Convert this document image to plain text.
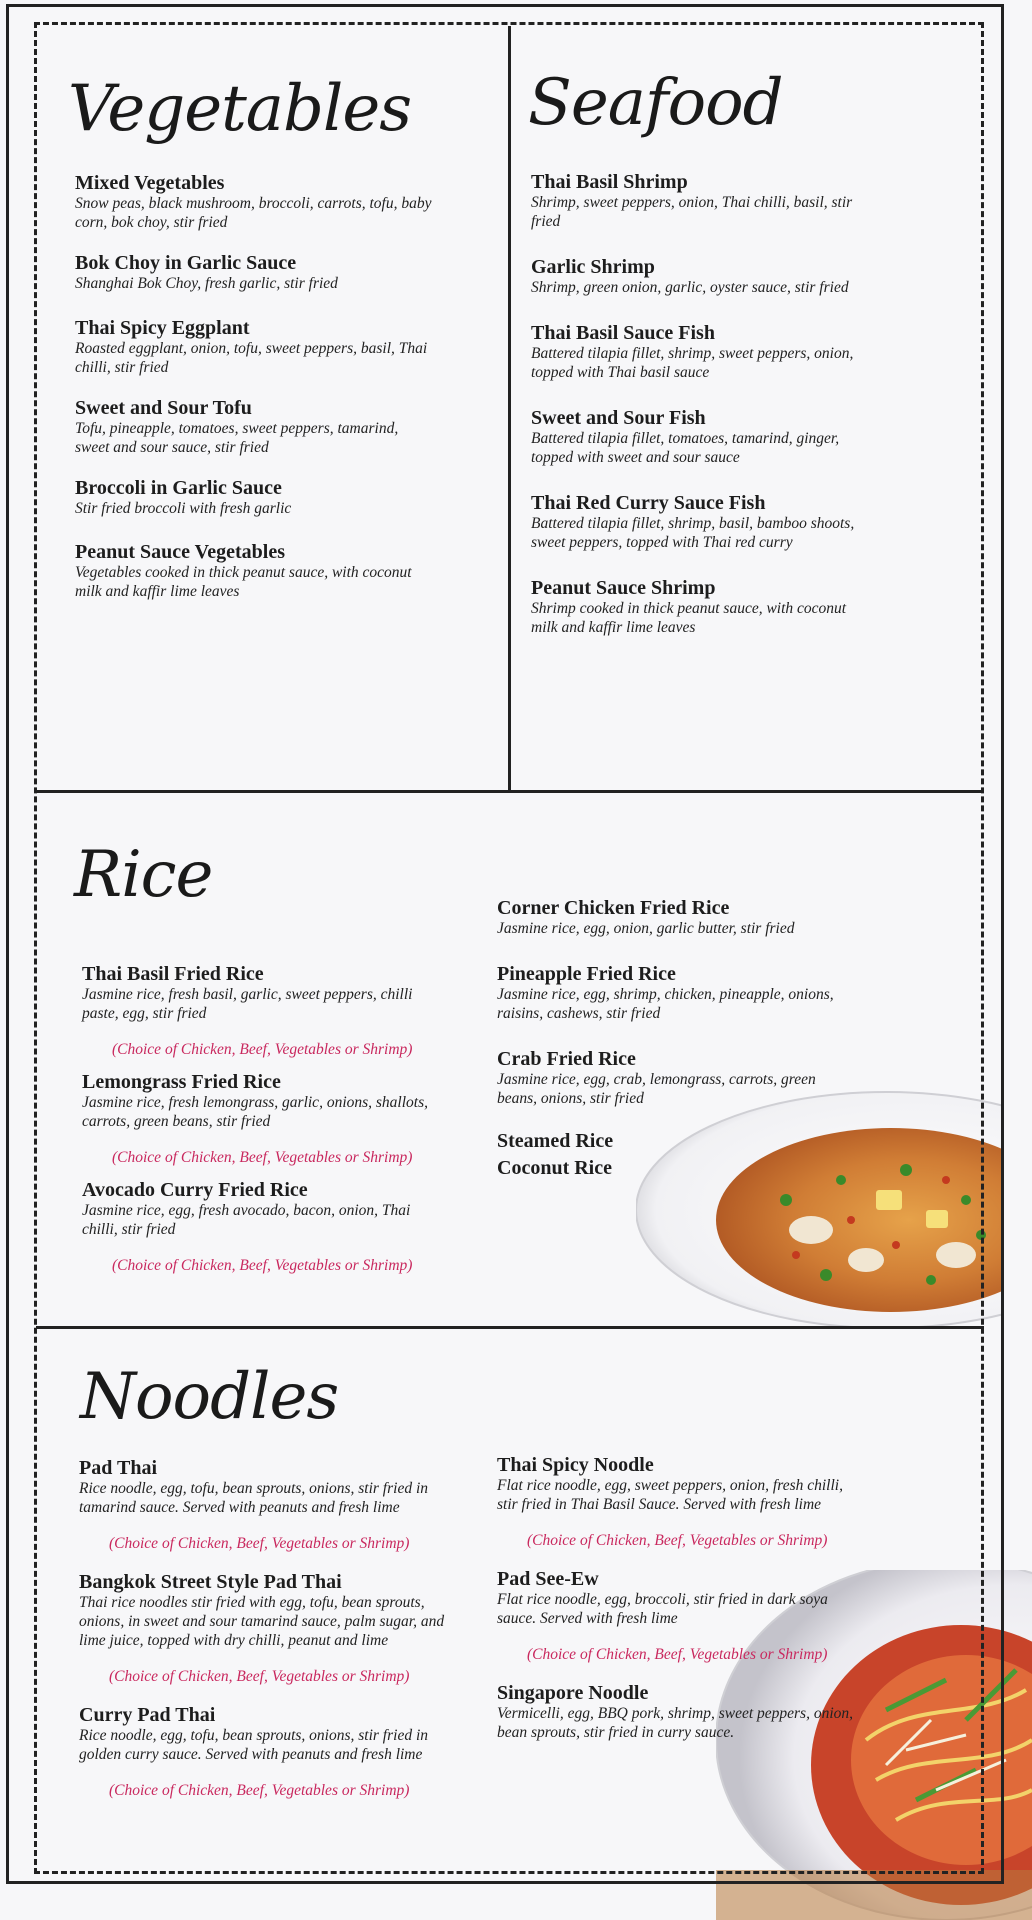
Vegetables
Mixed Vegetables
Snow peas, black mushroom, broccoli, carrots, tofu, baby corn, bok choy, stir fried
Bok Choy in Garlic Sauce
Shanghai Bok Choy, fresh garlic, stir fried
Thai Spicy Eggplant
Roasted eggplant, onion, tofu, sweet peppers, basil, Thai chilli, stir fried
Sweet and Sour Tofu
Tofu, pineapple, tomatoes, sweet peppers, tamarind, sweet and sour sauce, stir fried
Broccoli in Garlic Sauce
Stir fried broccoli with fresh garlic
Peanut Sauce Vegetables
Vegetables cooked in thick peanut sauce, with coconut milk and kaffir lime leaves
Seafood
Thai Basil Shrimp
Shrimp, sweet peppers, onion, Thai chilli, basil, stir fried
Garlic Shrimp
Shrimp, green onion, garlic, oyster sauce, stir fried
Thai Basil Sauce Fish
Battered tilapia fillet, shrimp, sweet peppers, onion, topped with Thai basil sauce
Sweet and Sour Fish
Battered tilapia fillet, tomatoes, tamarind, ginger, topped with sweet and sour sauce
Thai Red Curry Sauce Fish
Battered tilapia fillet, shrimp, basil, bamboo shoots, sweet peppers, topped with Thai red curry
Peanut Sauce Shrimp
Shrimp cooked in thick peanut sauce, with coconut milk and kaffir lime leaves
Rice
Thai Basil Fried Rice
Jasmine rice, fresh basil, garlic, sweet peppers, chilli paste, egg, stir fried
(Choice of Chicken, Beef, Vegetables or Shrimp)
Lemongrass Fried Rice
Jasmine rice, fresh lemongrass, garlic, onions, shallots, carrots, green beans, stir fried
(Choice of Chicken, Beef, Vegetables or Shrimp)
Avocado Curry Fried Rice
Jasmine rice, egg, fresh avocado, bacon, onion, Thai chilli, stir fried
(Choice of Chicken, Beef, Vegetables or Shrimp)
Corner Chicken Fried Rice
Jasmine rice, egg, onion, garlic butter, stir fried
Pineapple Fried Rice
Jasmine rice, egg, shrimp, chicken, pineapple, onions, raisins, cashews, stir fried
Crab Fried Rice
Jasmine rice, egg, crab, lemongrass, carrots, green beans, onions, stir fried
Steamed Rice
Coconut Rice
Noodles
Pad Thai
Rice noodle, egg, tofu, bean sprouts, onions, stir fried in tamarind sauce. Served with peanuts and fresh lime
(Choice of Chicken, Beef, Vegetables or Shrimp)
Bangkok Street Style Pad Thai
Thai rice noodles stir fried with egg, tofu, bean sprouts, onions, in sweet and sour tamarind sauce, palm sugar, and lime juice, topped with dry chilli, peanut and lime
(Choice of Chicken, Beef, Vegetables or Shrimp)
Curry Pad Thai
Rice noodle, egg, tofu, bean sprouts, onions, stir fried in golden curry sauce. Served with peanuts and fresh lime
(Choice of Chicken, Beef, Vegetables or Shrimp)
Thai Spicy Noodle
Flat rice noodle, egg, sweet peppers, onion, fresh chilli, stir fried in Thai Basil Sauce. Served with fresh lime
(Choice of Chicken, Beef, Vegetables or Shrimp)
Pad See-Ew
Flat rice noodle, egg, broccoli, stir fried in dark soya sauce. Served with fresh lime
(Choice of Chicken, Beef, Vegetables or Shrimp)
Singapore Noodle
Vermicelli, egg, BBQ pork, shrimp, sweet peppers, onion, bean sprouts, stir fried in curry sauce.
